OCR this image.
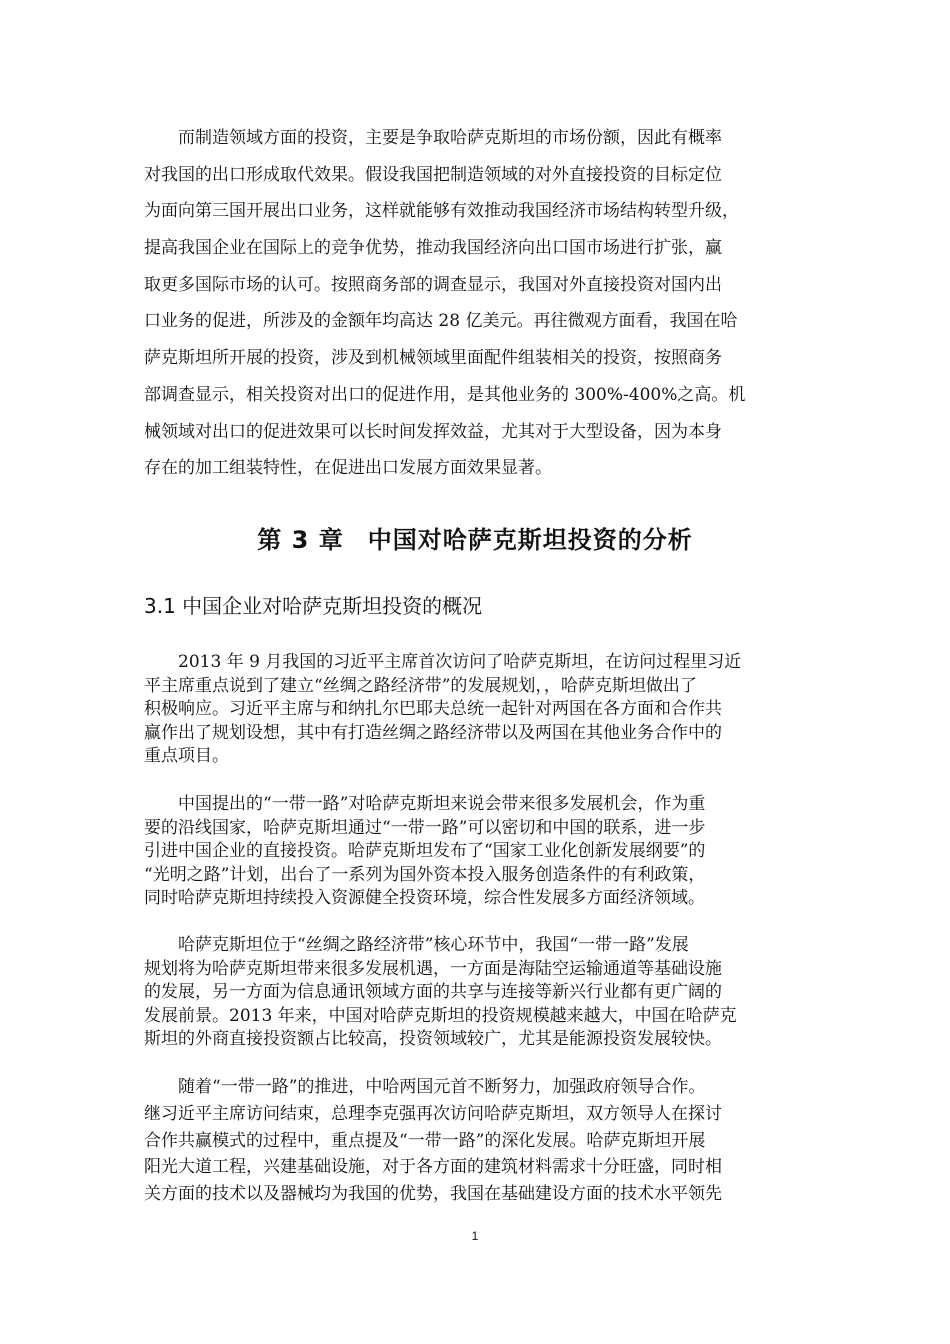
　　而制造领域方面的投资，主要是争取哈萨克斯坦的市场份额，因此有概率
对我国的出口形成取代效果。假设我国把制造领域的对外直接投资的目标定位
为面向第三国开展出口业务，这样就能够有效推动我国经济市场结构转型升级，
提高我国企业在国际上的竞争优势，推动我国经济向出口国市场进行扩张，赢
取更多国际市场的认可。按照商务部的调查显示，我国对外直接投资对国内出
口业务的促进，所涉及的金额年均高达 28 亿美元。再往微观方面看，我国在哈
萨克斯坦所开展的投资，涉及到机械领域里面配件组装相关的投资，按照商务
部调查显示，相关投资对出口的促进作用，是其他业务的 300%-400%之高。机
械领域对出口的促进效果可以长时间发挥效益，尤其对于大型设备，因为本身
存在的加工组装特性，在促进出口发展方面效果显著。
第 3 章 中国对哈萨克斯坦投资的分析
3.1 中国企业对哈萨克斯坦投资的概况
　　2013 年 9 月我国的习近平主席首次访问了哈萨克斯坦，在访问过程里习近
平主席重点说到了建立“丝绸之路经济带”的发展规划，，哈萨克斯坦做出了
积极响应。习近平主席与和纳扎尔巴耶夫总统一起针对两国在各方面和合作共
赢作出了规划设想，其中有打造丝绸之路经济带以及两国在其他业务合作中的
重点项目。
　　中国提出的“一带一路”对哈萨克斯坦来说会带来很多发展机会，作为重
要的沿线国家，哈萨克斯坦通过“一带一路”可以密切和中国的联系，进一步
引进中国企业的直接投资。哈萨克斯坦发布了“国家工业化创新发展纲要”的
“光明之路”计划，出台了一系列为国外资本投入服务创造条件的有利政策，
同时哈萨克斯坦持续投入资源健全投资环境，综合性发展多方面经济领域。
　　哈萨克斯坦位于“丝绸之路经济带”核心环节中，我国“一带一路”发展
规划将为哈萨克斯坦带来很多发展机遇，一方面是海陆空运输通道等基础设施
的发展，另一方面为信息通讯领域方面的共享与连接等新兴行业都有更广阔的
发展前景。2013 年来，中国对哈萨克斯坦的投资规模越来越大，中国在哈萨克
斯坦的外商直接投资额占比较高，投资领域较广，尤其是能源投资发展较快。
　　随着“一带一路”的推进，中哈两国元首不断努力，加强政府领导合作。
继习近平主席访问结束，总理李克强再次访问哈萨克斯坦，双方领导人在探讨
合作共赢模式的过程中，重点提及“一带一路”的深化发展。哈萨克斯坦开展
阳光大道工程，兴建基础设施，对于各方面的建筑材料需求十分旺盛，同时相
关方面的技术以及器械均为我国的优势，我国在基础建设方面的技术水平领先
1
